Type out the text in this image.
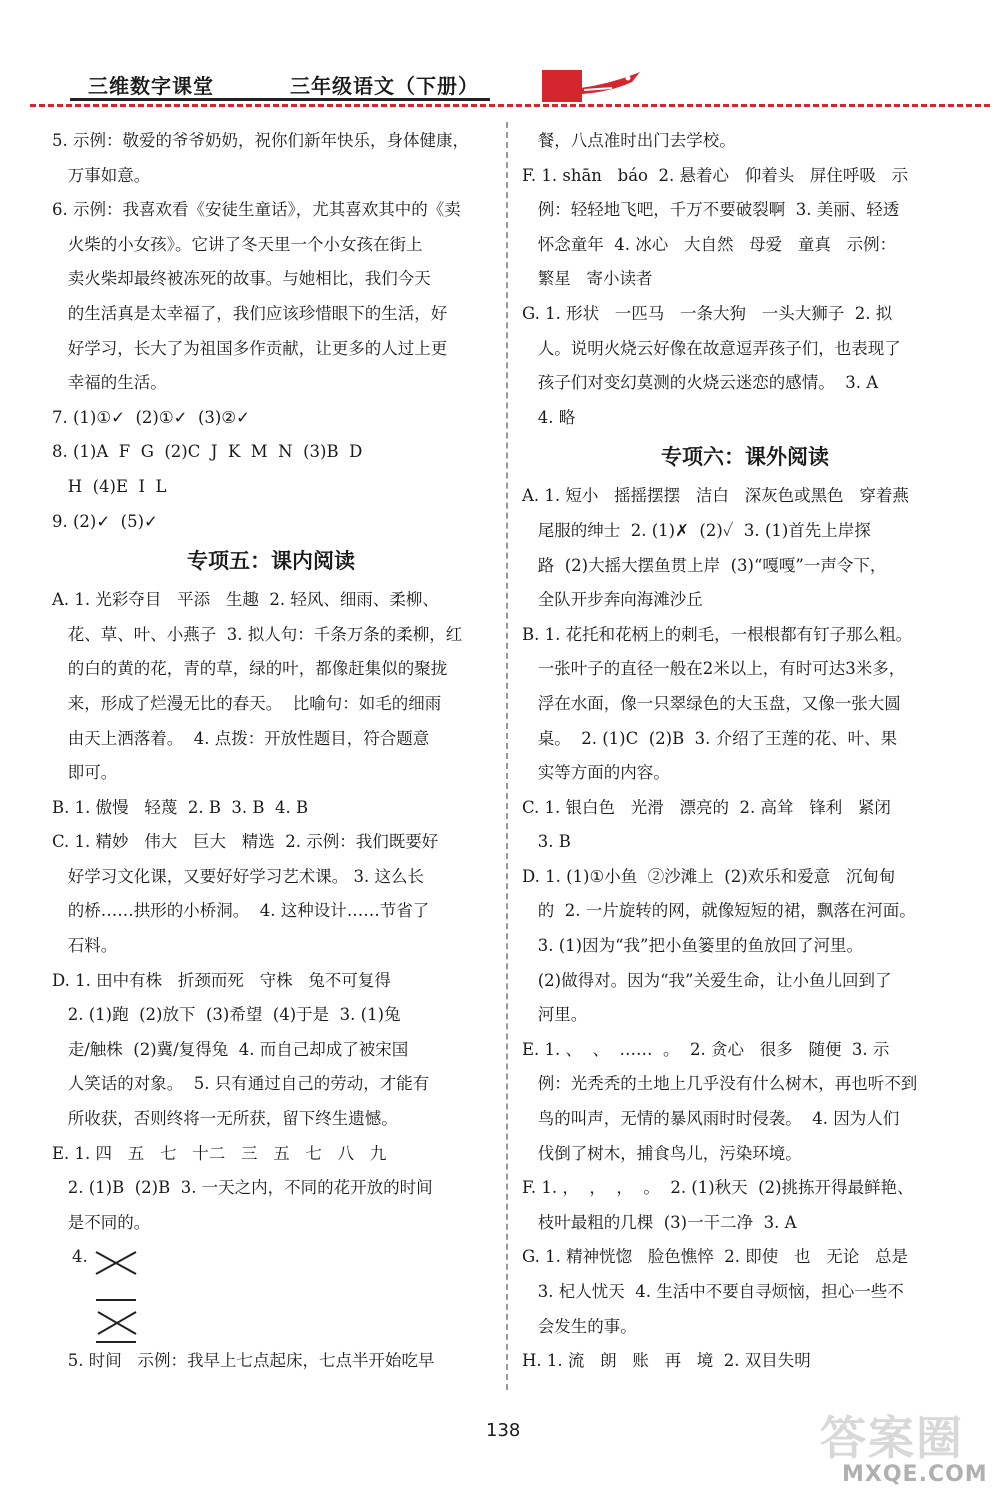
三维数字课堂	三年级语文（下册）
5. 示例：敬爱的爷爷奶奶，祝你们新年快乐，身体健康，
万事如意。
6. 示例：我喜欢看《安徒生童话》，尤其喜欢其中的《卖
火柴的小女孩》。它讲了冬天里一个小女孩在街上
卖火柴却最终被冻死的故事。与她相比，我们今天
的生活真是太幸福了，我们应该珍惜眼下的生活，好
好学习，长大了为祖国多作贡献，让更多的人过上更
幸福的生活。
7. (1)①✓  (2)①✓  (3)②✓
8. (1)A  F  G  (2)C  J  K  M  N  (3)B  D
H  (4)E  I  L
9. (2)✓  (5)✓
专项五：课内阅读
A. 1. 光彩夺目   平添   生趣  2. 轻风、细雨、柔柳、
花、草、叶、小燕子  3. 拟人句：千条万条的柔柳，红
的白的黄的花，青的草，绿的叶，都像赶集似的聚拢
来，形成了烂漫无比的春天。  比喻句：如毛的细雨
由天上洒落着。  4. 点拨：开放性题目，符合题意
即可。
B. 1. 傲慢   轻蔑  2. B  3. B  4. B
C. 1. 精妙   伟大   巨大   精选  2. 示例：我们既要好
好学习文化课，又要好好学习艺术课。 3. 这么长
的桥……拱形的小桥洞。  4. 这种设计……节省了
石料。
D. 1. 田中有株   折颈而死   守株   兔不可复得
2. (1)跑  (2)放下  (3)希望  (4)于是  3. (1)兔
走/触株  (2)冀/复得兔  4. 而自己却成了被宋国
人笑话的对象。  5. 只有通过自己的劳动，才能有
所收获，否则终将一无所获，留下终生遗憾。
E. 1. 四   五   七   十二   三   五   七   八   九
2. (1)B  (2)B  3. 一天之内，不同的花开放的时间
是不同的。
4.
5. 时间   示例：我早上七点起床，七点半开始吃早
餐，八点准时出门去学校。
F. 1. shān   báo  2. 悬着心   仰着头   屏住呼吸   示
例：轻轻地飞吧，千万不要破裂啊  3. 美丽、轻透
怀念童年  4. 冰心   大自然   母爱   童真   示例：
繁星   寄小读者
G. 1. 形状   一匹马   一条大狗   一头大狮子  2. 拟
人。说明火烧云好像在故意逗弄孩子们，也表现了
孩子们对变幻莫测的火烧云迷恋的感情。  3. A
4. 略
专项六：课外阅读
A. 1. 短小   摇摇摆摆   洁白   深灰色或黑色   穿着燕
尾服的绅士  2. (1)✗  (2)✓  3. (1)首先上岸探
路  (2)大摇大摆鱼贯上岸  (3)“嘎嘎”一声令下，
全队开步奔向海滩沙丘
B. 1. 花托和花柄上的刺毛，一根根都有钉子那么粗。
一张叶子的直径一般在2米以上，有时可达3米多，
浮在水面，像一只翠绿色的大玉盘，又像一张大圆
桌。  2. (1)C  (2)B  3. 介绍了王莲的花、叶、果
实等方面的内容。
C. 1. 银白色   光滑   漂亮的  2. 高耸   锋利   紧闭
3. B
D. 1. (1)①小鱼  ②沙滩上  (2)欢乐和爱意   沉甸甸
的  2. 一片旋转的网，就像短短的裙，飘落在河面。
3. (1)因为“我”把小鱼篓里的鱼放回了河里。
(2)做得对。因为“我”关爱生命，让小鱼儿回到了
河里。
E. 1. 、  、  ……  。  2. 贪心   很多   随便  3. 示
例：光秃秃的土地上几乎没有什么树木，再也听不到
鸟的叫声，无情的暴风雨时时侵袭。  4. 因为人们
伐倒了树木，捕食鸟儿，污染环境。
F. 1. ，  ，  ，  。  2. (1)秋天  (2)挑拣开得最鲜艳、
枝叶最粗的几棵  (3)一干二净  3. A
G. 1. 精神恍惚   脸色憔悴  2. 即使   也   无论   总是
3. 杞人忧天  4. 生活中不要自寻烦恼，担心一些不
会发生的事。
H. 1. 流   朗   账   再   境  2. 双目失明
138	答案圈
MXQE.COM
